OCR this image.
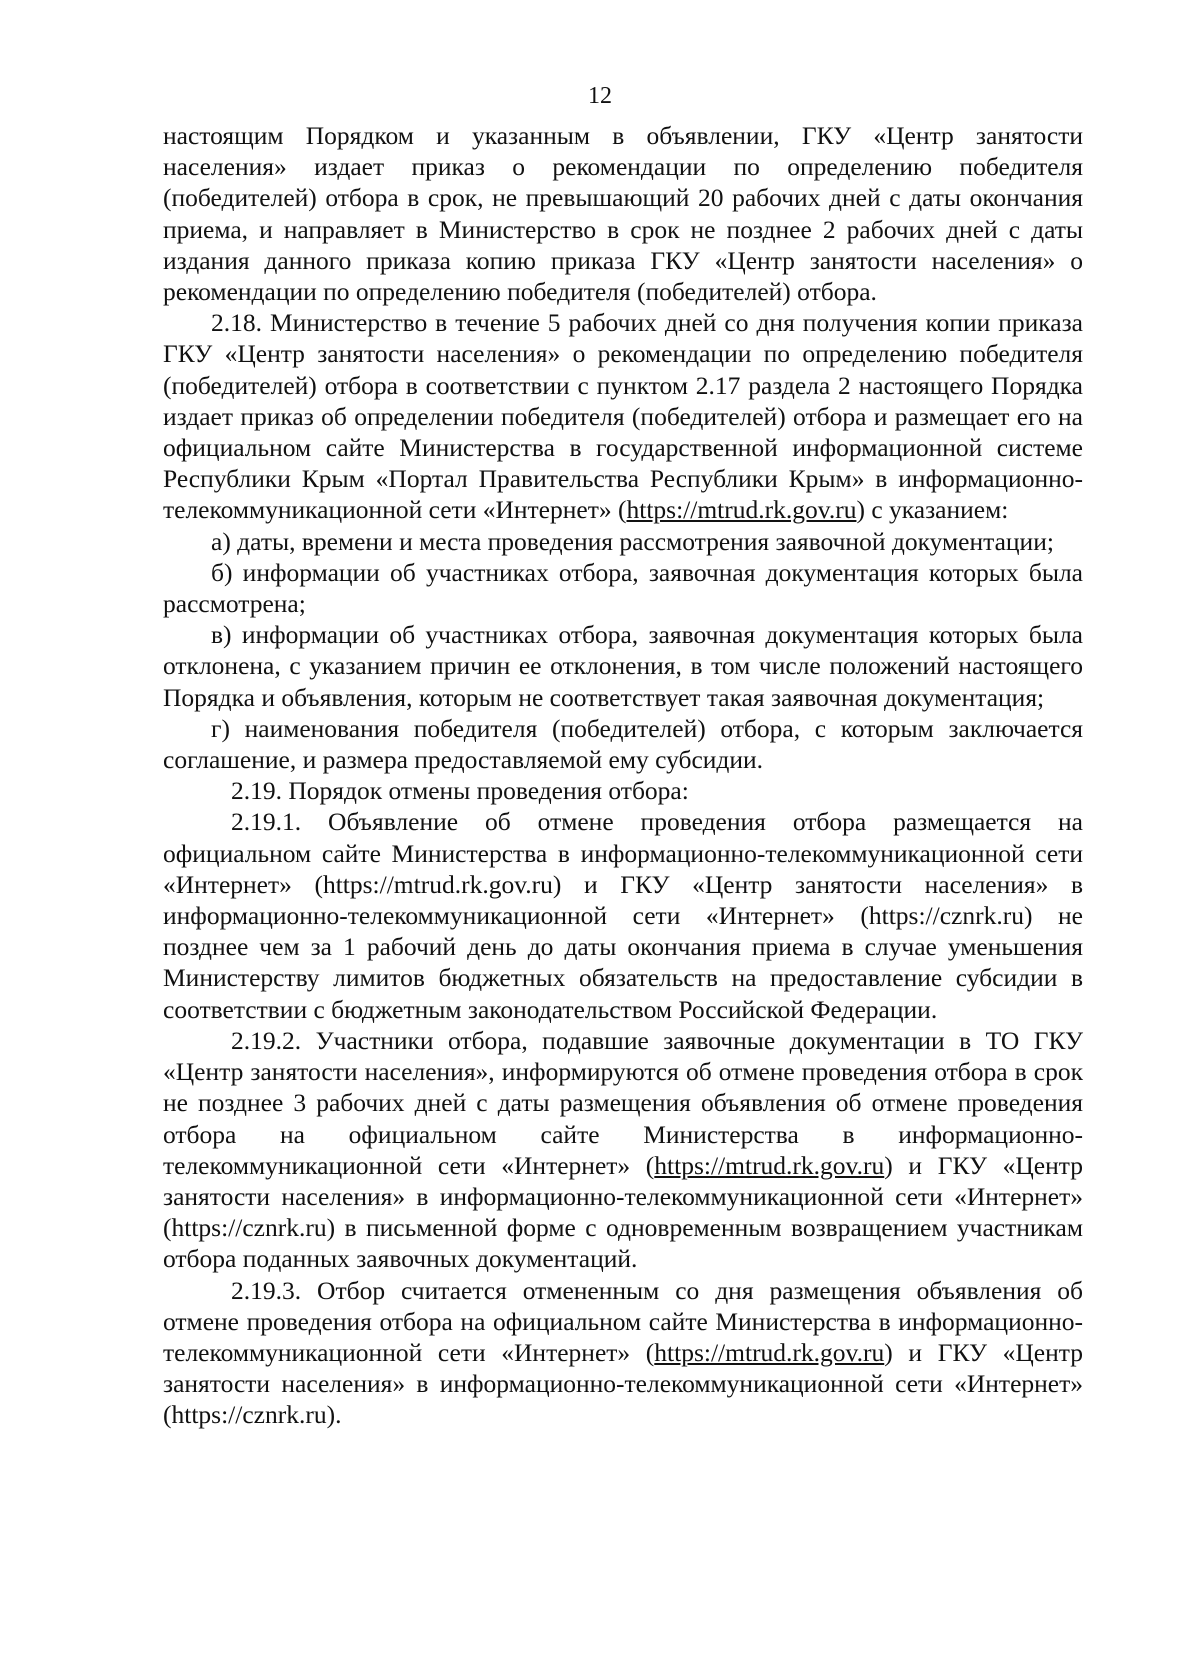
12

настоящим Порядком и указанным в объявлении, ГКУ «Центр занятости населения» издает приказ о рекомендации по определению победителя (победителей) отбора в срок, не превышающий 20 рабочих дней с даты окончания приема, и направляет в Министерство в срок не позднее 2 рабочих дней с даты издания данного приказа копию приказа ГКУ «Центр занятости населения» о рекомендации по определению победителя (победителей) отбора.

2.18. Министерство в течение 5 рабочих дней со дня получения копии приказа ГКУ «Центр занятости населения» о рекомендации по определению победителя (победителей) отбора в соответствии с пунктом 2.17 раздела 2 настоящего Порядка издает приказ об определении победителя (победителей) отбора и размещает его на официальном сайте Министерства в государственной информационной системе Республики Крым «Портал Правительства Республики Крым» в информационно-телекоммуникационной сети «Интернет» (https://mtrud.rk.gov.ru) с указанием:

а) даты, времени и места проведения рассмотрения заявочной документации;

б) информации об участниках отбора, заявочная документация которых была рассмотрена;

в) информации об участниках отбора, заявочная документация которых была отклонена, с указанием причин ее отклонения, в том числе положений настоящего Порядка и объявления, которым не соответствует такая заявочная документация;

г) наименования победителя (победителей) отбора, с которым заключается соглашение, и размера предоставляемой ему субсидии.

2.19. Порядок отмены проведения отбора:

2.19.1. Объявление об отмене проведения отбора размещается на официальном сайте Министерства в информационно-телекоммуникационной сети «Интернет» (https://mtrud.rk.gov.ru) и ГКУ «Центр занятости населения» в информационно-телекоммуникационной сети «Интернет» (https://cznrk.ru) не позднее чем за 1 рабочий день до даты окончания приема в случае уменьшения Министерству лимитов бюджетных обязательств на предоставление субсидии в соответствии с бюджетным законодательством Российской Федерации.

2.19.2. Участники отбора, подавшие заявочные документации в ТО ГКУ «Центр занятости населения», информируются об отмене проведения отбора в срок не позднее 3 рабочих дней с даты размещения объявления об отмене проведения отбора на официальном сайте Министерства в информационно-телекоммуникационной сети «Интернет» (https://mtrud.rk.gov.ru) и ГКУ «Центр занятости населения» в информационно-телекоммуникационной сети «Интернет» (https://cznrk.ru) в письменной форме с одновременным возвращением участникам отбора поданных заявочных документаций.

2.19.3. Отбор считается отмененным со дня размещения объявления об отмене проведения отбора на официальном сайте Министерства в информационно-телекоммуникационной сети «Интернет» (https://mtrud.rk.gov.ru) и ГКУ «Центр занятости населения» в информационно-телекоммуникационной сети «Интернет» (https://cznrk.ru).
